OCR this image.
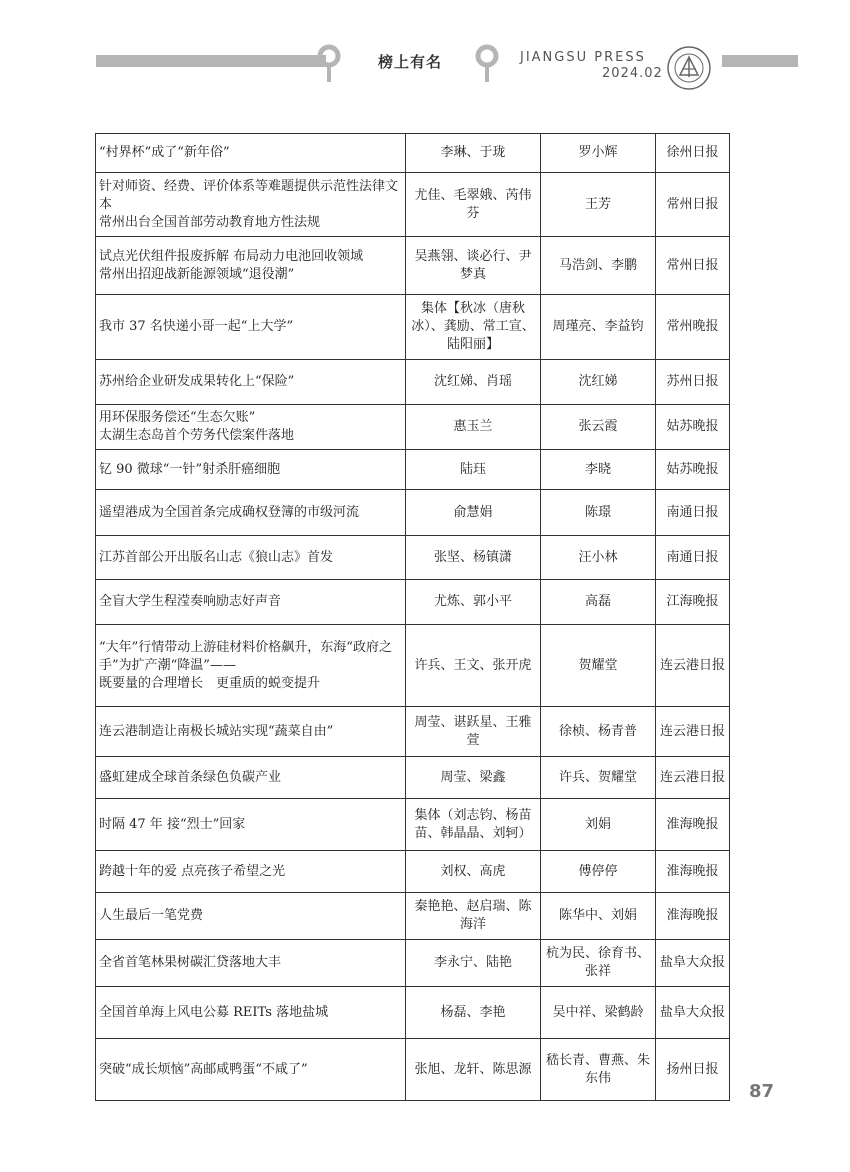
榜上有名	JIANGSU PRESS
2024.02
“村界杯”成了“新年俗”	李琳、于珑	罗小辉	徐州日报

针对师资、经费、评价体系等难题提供示范性法律文本
常州出台全国首部劳动教育地方性法规	尤佳、毛翠娥、芮伟芬	王芳	常州日报

试点光伏组件报废拆解 布局动力电池回收领域
常州出招迎战新能源领域“退役潮”	吴燕翎、谈必行、尹梦真	马浩剑、李鹏	常州日报

我市 37 名快递小哥一起“上大学”	集体【秋冰（唐秋冰）、龚励、常工宣、陆阳丽】	周瑾亮、李益钧	常州晚报

苏州给企业研发成果转化上“保险”	沈红娣、肖瑶	沈红娣	苏州日报

用环保服务偿还“生态欠账”
太湖生态岛首个劳务代偿案件落地	惠玉兰	张云霞	姑苏晚报

钇 90 微球“一针”射杀肝癌细胞	陆珏	李晓	姑苏晚报

遥望港成为全国首条完成确权登簿的市级河流	俞慧娟	陈璟	南通日报

江苏首部公开出版名山志《狼山志》首发	张坚、杨镇潇	汪小林	南通日报

全盲大学生程滢奏响励志好声音	尤炼、郭小平	高磊	江海晚报

“大年”行情带动上游硅材料价格飙升，东海“政府之手”为扩产潮“降温”——
既要量的合理增长　更重质的蜕变提升	许兵、王文、张开虎	贺耀堂	连云港日报

连云港制造让南极长城站实现“蔬菜自由”	周莹、谌跃星、王雅萱	徐桢、杨青普	连云港日报

盛虹建成全球首条绿色负碳产业	周莹、梁鑫	许兵、贺耀堂	连云港日报

时隔 47 年 接“烈士”回家	集体（刘志钧、杨苗苗、韩晶晶、刘轲）	刘娟	淮海晚报

跨越十年的爱 点亮孩子希望之光	刘权、高虎	傅停停	淮海晚报

人生最后一笔党费	秦艳艳、赵启瑞、陈海洋	陈华中、刘娟	淮海晚报

全省首笔林果树碳汇贷落地大丰	李永宁、陆艳	杭为民、徐育书、张祥	盐阜大众报

全国首单海上风电公募 REITs 落地盐城	杨磊、李艳	吴中祥、梁鹤龄	盐阜大众报

突破“成长烦恼”高邮咸鸭蛋“不咸了”	张旭、龙轩、陈思源	嵇长青、曹燕、朱东伟	扬州日报
87
